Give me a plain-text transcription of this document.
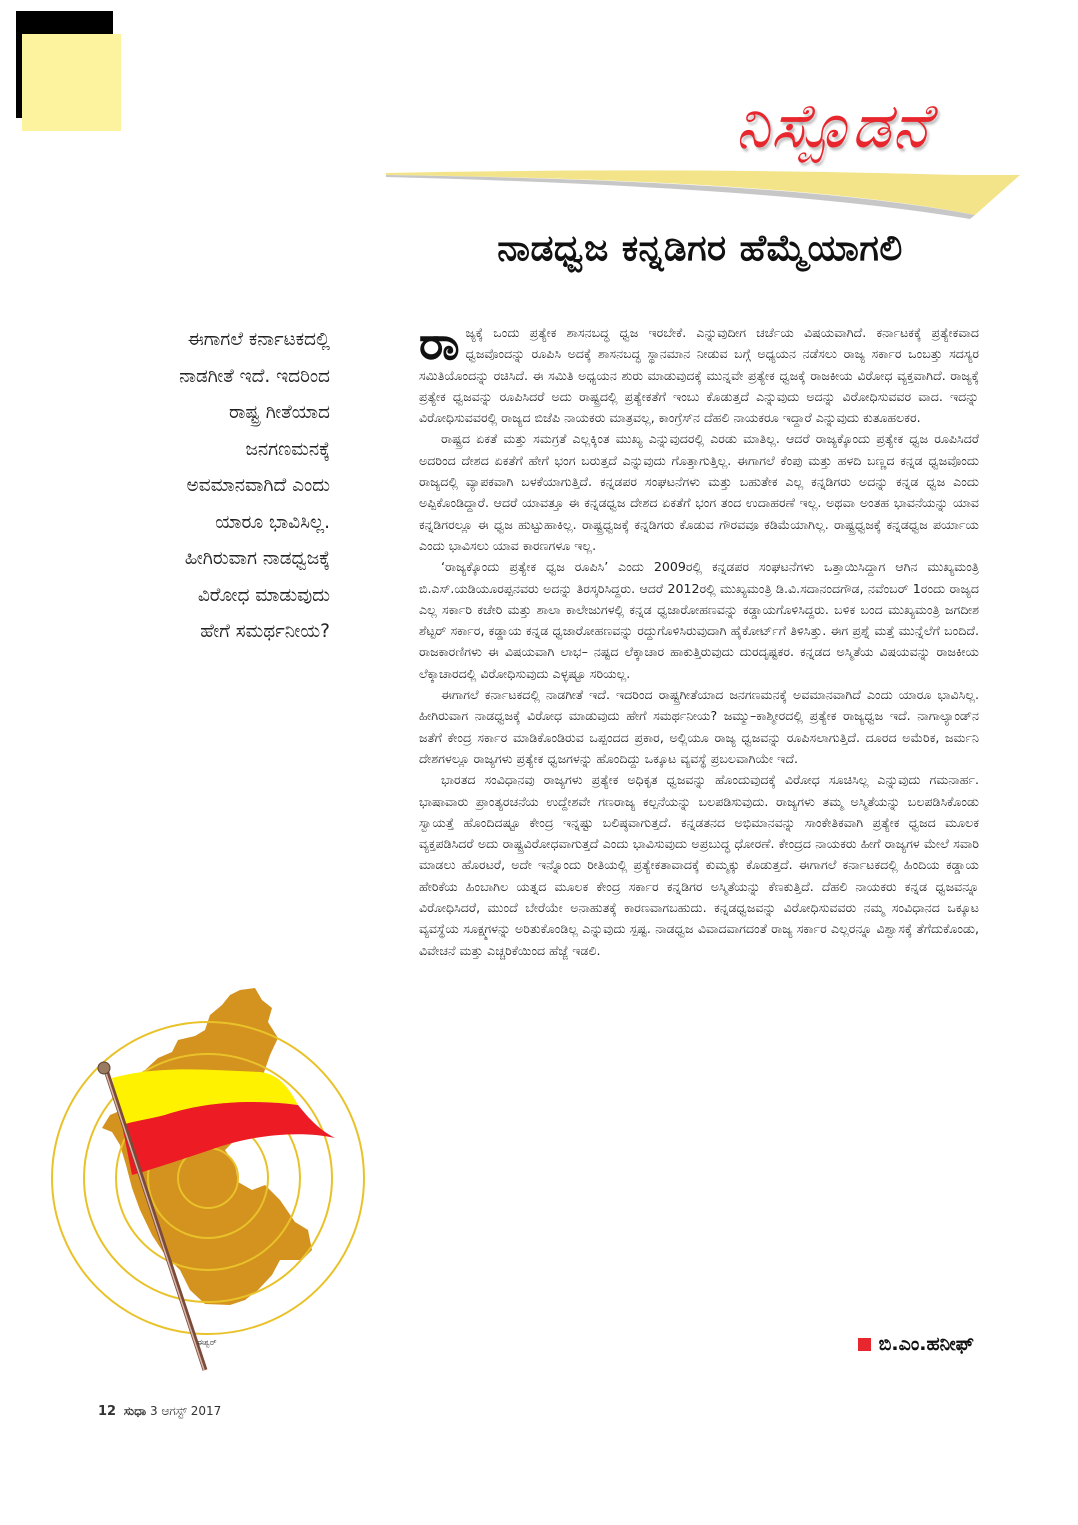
ನಿಸ್ಪೊಡನೆ
ನಾಡಧ್ವಜ ಕನ್ನಡಿಗರ ಹೆಮ್ಮೆಯಾಗಲಿ
ಈಗಾಗಲೆ ಕರ್ನಾಟಕದಲ್ಲಿ
ನಾಡಗೀತೆ ಇದೆ. ಇದರಿಂದ
ರಾಷ್ಟ್ರ ಗೀತೆಯಾದ
ಜನಗಣಮನಕ್ಕೆ
ಅವಮಾನವಾಗಿದೆ ಎಂದು
ಯಾರೂ ಭಾವಿಸಿಲ್ಲ.
ಹೀಗಿರುವಾಗ ನಾಡಧ್ವಜಕ್ಕೆ
ವಿರೋಧ ಮಾಡುವುದು
ಹೇಗೆ ಸಮರ್ಥನೀಯ?

ರಾಜ್ಯಕ್ಕೆ ಒಂದು ಪ್ರತ್ಯೇಕ ಶಾಸನಬದ್ಧ ಧ್ವಜ ಇರಬೇಕೆ. ಎನ್ನುವುದೀಗ ಚರ್ಚೆಯ ವಿಷಯವಾಗಿದೆ. ಕರ್ನಾಟಕಕ್ಕೆ ಪ್ರತ್ಯೇಕವಾದ ಧ್ವಜವೊಂದನ್ನು ರೂಪಿಸಿ ಅದಕ್ಕೆ ಶಾಸನಬದ್ಧ ಸ್ಥಾನಮಾನ ನೀಡುವ ಬಗ್ಗೆ ಅಧ್ಯಯನ ನಡೆಸಲು ರಾಜ್ಯ ಸರ್ಕಾರ ಒಂಬತ್ತು ಸದಸ್ಯರ ಸಮಿತಿಯೊಂದನ್ನು ರಚಿಸಿದೆ. ಈ ಸಮಿತಿ ಅಧ್ಯಯನ ಶುರು ಮಾಡುವುದಕ್ಕೆ ಮುನ್ನವೇ ಪ್ರತ್ಯೇಕ ಧ್ವಜಕ್ಕೆ ರಾಜಕೀಯ ವಿರೋಧ ವ್ಯಕ್ತವಾಗಿದೆ. ರಾಜ್ಯಕ್ಕೆ ಪ್ರತ್ಯೇಕ ಧ್ವಜವನ್ನು ರೂಪಿಸಿದರೆ ಅದು ರಾಷ್ಟ್ರದಲ್ಲಿ ಪ್ರತ್ಯೇಕತೆಗೆ ಇಂಬು ಕೊಡುತ್ತದೆ ಎನ್ನುವುದು ಅದನ್ನು ವಿರೋಧಿಸುವವರ ವಾದ. ಇದನ್ನು ವಿರೋಧಿಸುವವರಲ್ಲಿ ರಾಜ್ಯದ ಬಿಜೆಪಿ ನಾಯಕರು ಮಾತ್ರವಲ್ಲ, ಕಾಂಗ್ರೆಸ್‌ನ ದೆಹಲಿ ನಾಯಕರೂ ಇದ್ದಾರೆ ಎನ್ನುವುದು ಕುತೂಹಲಕರ.

ರಾಷ್ಟ್ರದ ಏಕತೆ ಮತ್ತು ಸಮಗ್ರತೆ ಎಲ್ಲಕ್ಕಿಂತ ಮುಖ್ಯ ಎನ್ನುವುದರಲ್ಲಿ ಎರಡು ಮಾತಿಲ್ಲ. ಆದರೆ ರಾಜ್ಯಕ್ಕೊಂದು ಪ್ರತ್ಯೇಕ ಧ್ವಜ ರೂಪಿಸಿದರೆ ಅದರಿಂದ ದೇಶದ ಏಕತೆಗೆ ಹೇಗೆ ಭಂಗ ಬರುತ್ತದೆ ಎನ್ನುವುದು ಗೊತ್ತಾಗುತ್ತಿಲ್ಲ. ಈಗಾಗಲೆ ಕೆಂಪು ಮತ್ತು ಹಳದಿ ಬಣ್ಣದ ಕನ್ನಡ ಧ್ವಜವೊಂದು ರಾಜ್ಯದಲ್ಲಿ ವ್ಯಾಪಕವಾಗಿ ಬಳಕೆಯಾಗುತ್ತಿದೆ. ಕನ್ನಡಪರ ಸಂಘಟನೆಗಳು ಮತ್ತು ಬಹುತೇಕ ಎಲ್ಲ ಕನ್ನಡಿಗರು ಅದನ್ನು ಕನ್ನಡ ಧ್ವಜ ಎಂದು ಅಪ್ಪಿಕೊಂಡಿದ್ದಾರೆ. ಆದರೆ ಯಾವತ್ತೂ ಈ ಕನ್ನಡಧ್ವಜ ದೇಶದ ಏಕತೆಗೆ ಭಂಗ ತಂದ ಉದಾಹರಣೆ ಇಲ್ಲ. ಅಥವಾ ಅಂತಹ ಭಾವನೆಯನ್ನು ಯಾವ ಕನ್ನಡಿಗರಲ್ಲೂ ಈ ಧ್ವಜ ಹುಟ್ಟುಹಾಕಿಲ್ಲ. ರಾಷ್ಟ್ರಧ್ವಜಕ್ಕೆ ಕನ್ನಡಿಗರು ಕೊಡುವ ಗೌರವವೂ ಕಡಿಮೆಯಾಗಿಲ್ಲ. ರಾಷ್ಟ್ರಧ್ವಜಕ್ಕೆ ಕನ್ನಡಧ್ವಜ ಪರ್ಯಾಯ ಎಂದು ಭಾವಿಸಲು ಯಾವ ಕಾರಣಗಳೂ ಇಲ್ಲ.

‘ರಾಜ್ಯಕ್ಕೊಂದು ಪ್ರತ್ಯೇಕ ಧ್ವಜ ರೂಪಿಸಿ’ ಎಂದು 2009ರಲ್ಲಿ ಕನ್ನಡಪರ ಸಂಘಟನೆಗಳು ಒತ್ತಾಯಿಸಿದ್ದಾಗ ಆಗಿನ ಮುಖ್ಯಮಂತ್ರಿ ಬಿ.ಎಸ್.ಯಡಿಯೂರಪ್ಪನವರು ಅದನ್ನು ತಿರಸ್ಕರಿಸಿದ್ದರು. ಆದರೆ 2012ರಲ್ಲಿ ಮುಖ್ಯಮಂತ್ರಿ ಡಿ.ವಿ.ಸದಾನಂದಗೌಡ, ನವೆಂಬರ್ 1ರಂದು ರಾಜ್ಯದ ಎಲ್ಲ ಸರ್ಕಾರಿ ಕಚೇರಿ ಮತ್ತು ಶಾಲಾ ಕಾಲೇಜುಗಳಲ್ಲಿ ಕನ್ನಡ ಧ್ವಜಾರೋಹಣವನ್ನು ಕಡ್ಡಾಯಗೊಳಿಸಿದ್ದರು. ಬಳಿಕ ಬಂದ ಮುಖ್ಯಮಂತ್ರಿ ಜಗದೀಶ ಶೆಟ್ಟರ್ ಸರ್ಕಾರ, ಕಡ್ಡಾಯ ಕನ್ನಡ ಧ್ವಜಾರೋಹಣವನ್ನು ರದ್ದುಗೊಳಿಸಿರುವುದಾಗಿ ಹೈಕೋರ್ಟ್‌ಗೆ ತಿಳಿಸಿತ್ತು. ಈಗ ಪ್ರಶ್ನೆ ಮತ್ತೆ ಮುನ್ನೆಲೆಗೆ ಬಂದಿದೆ. ರಾಜಕಾರಣಿಗಳು ಈ ವಿಷಯವಾಗಿ ಲಾಭ– ನಷ್ಟದ ಲೆಕ್ಕಾಚಾರ ಹಾಕುತ್ತಿರುವುದು ದುರದೃಷ್ಟಕರ. ಕನ್ನಡದ ಅಸ್ಮಿತೆಯ ವಿಷಯವನ್ನು ರಾಜಕೀಯ ಲೆಕ್ಕಾಚಾರದಲ್ಲಿ ವಿರೋಧಿಸುವುದು ಎಳ್ಳಷ್ಟೂ ಸರಿಯಲ್ಲ.

ಈಗಾಗಲೆ ಕರ್ನಾಟಕದಲ್ಲಿ ನಾಡಗೀತೆ ಇದೆ. ಇದರಿಂದ ರಾಷ್ಟ್ರಗೀತೆಯಾದ ಜನಗಣಮನಕ್ಕೆ ಅವಮಾನವಾಗಿದೆ ಎಂದು ಯಾರೂ ಭಾವಿಸಿಲ್ಲ. ಹೀಗಿರುವಾಗ ನಾಡಧ್ವಜಕ್ಕೆ ವಿರೋಧ ಮಾಡುವುದು ಹೇಗೆ ಸಮರ್ಥನೀಯ? ಜಮ್ಮು–ಕಾಶ್ಮೀರದಲ್ಲಿ ಪ್ರತ್ಯೇಕ ರಾಜ್ಯಧ್ವಜ ಇದೆ. ನಾಗಾಲ್ಯಾಂಡ್‌ನ ಜತೆಗೆ ಕೇಂದ್ರ ಸರ್ಕಾರ ಮಾಡಿಕೊಂಡಿರುವ ಒಪ್ಪಂದದ ಪ್ರಕಾರ, ಅಲ್ಲಿಯೂ ರಾಜ್ಯ ಧ್ವಜವನ್ನು ರೂಪಿಸಲಾಗುತ್ತಿದೆ. ದೂರದ ಅಮೆರಿಕ, ಜರ್ಮನಿ ದೇಶಗಳಲ್ಲೂ ರಾಜ್ಯಗಳು ಪ್ರತ್ಯೇಕ ಧ್ವಜಗಳನ್ನು ಹೊಂದಿದ್ದು ಒಕ್ಕೂಟ ವ್ಯವಸ್ಥೆ ಪ್ರಬಲವಾಗಿಯೇ ಇದೆ.

ಭಾರತದ ಸಂವಿಧಾನವು ರಾಜ್ಯಗಳು ಪ್ರತ್ಯೇಕ ಅಧಿಕೃತ ಧ್ವಜವನ್ನು ಹೊಂದುವುದಕ್ಕೆ ವಿರೋಧ ಸೂಚಿಸಿಲ್ಲ ಎನ್ನುವುದು ಗಮನಾರ್ಹ. ಭಾಷಾವಾರು ಪ್ರಾಂತ್ಯರಚನೆಯ ಉದ್ದೇಶವೇ ಗಣರಾಜ್ಯ ಕಲ್ಪನೆಯನ್ನು ಬಲಪಡಿಸುವುದು. ರಾಜ್ಯಗಳು ತಮ್ಮ ಅಸ್ಮಿತೆಯನ್ನು ಬಲಪಡಿಸಿಕೊಂಡು ಸ್ವಾಯತ್ತೆ ಹೊಂದಿದಷ್ಟೂ ಕೇಂದ್ರ ಇನ್ನಷ್ಟು ಬಲಿಷ್ಠವಾಗುತ್ತದೆ. ಕನ್ನಡತನದ ಅಭಿಮಾನವನ್ನು ಸಾಂಕೇತಿಕವಾಗಿ ಪ್ರತ್ಯೇಕ ಧ್ವಜದ ಮೂಲಕ ವ್ಯಕ್ತಪಡಿಸಿದರೆ ಅದು ರಾಷ್ಟ್ರವಿರೋಧವಾಗುತ್ತದೆ ಎಂದು ಭಾವಿಸುವುದು ಅಪ್ರಬುದ್ಧ ಧೋರಣೆ. ಕೇಂದ್ರದ ನಾಯಕರು ಹೀಗೆ ರಾಜ್ಯಗಳ ಮೇಲೆ ಸವಾರಿ ಮಾಡಲು ಹೊರಟರೆ, ಅದೇ ಇನ್ನೊಂದು ರೀತಿಯಲ್ಲಿ ಪ್ರತ್ಯೇಕತಾವಾದಕ್ಕೆ ಕುಮ್ಮಕ್ಕು ಕೊಡುತ್ತದೆ. ಈಗಾಗಲೆ ಕರ್ನಾಟಕದಲ್ಲಿ ಹಿಂದಿಯ ಕಡ್ಡಾಯ ಹೇರಿಕೆಯ ಹಿಂಬಾಗಿಲ ಯತ್ನದ ಮೂಲಕ ಕೇಂದ್ರ ಸರ್ಕಾರ ಕನ್ನಡಿಗರ ಅಸ್ಮಿತೆಯನ್ನು ಕೆಣಕುತ್ತಿದೆ. ದೆಹಲಿ ನಾಯಕರು ಕನ್ನಡ ಧ್ವಜವನ್ನೂ ವಿರೋಧಿಸಿದರೆ, ಮುಂದೆ ಬೇರೆಯೇ ಅನಾಹುತಕ್ಕೆ ಕಾರಣವಾಗಬಹುದು. ಕನ್ನಡಧ್ವಜವನ್ನು ವಿರೋಧಿಸುವವರು ನಮ್ಮ ಸಂವಿಧಾನದ ಒಕ್ಕೂಟ ವ್ಯವಸ್ಥೆಯ ಸೂಕ್ಷ್ಮಗಳನ್ನು ಅರಿತುಕೊಂಡಿಲ್ಲ ಎನ್ನುವುದು ಸ್ಪಷ್ಟ. ನಾಡಧ್ವಜ ವಿವಾದವಾಗದಂತೆ ರಾಜ್ಯ ಸರ್ಕಾರ ಎಲ್ಲರನ್ನೂ ವಿಶ್ವಾಸಕ್ಕೆ ತೆಗೆದುಕೊಂಡು, ವಿವೇಚನೆ ಮತ್ತು ಎಚ್ಚರಿಕೆಯಿಂದ ಹೆಜ್ಜೆ ಇಡಲಿ.

ಬಿ.ಎಂ.ಹನೀಫ್
ಈಶ್ವರ್
12 ಸುಧಾ 3 ಆಗಸ್ಟ್ 2017
